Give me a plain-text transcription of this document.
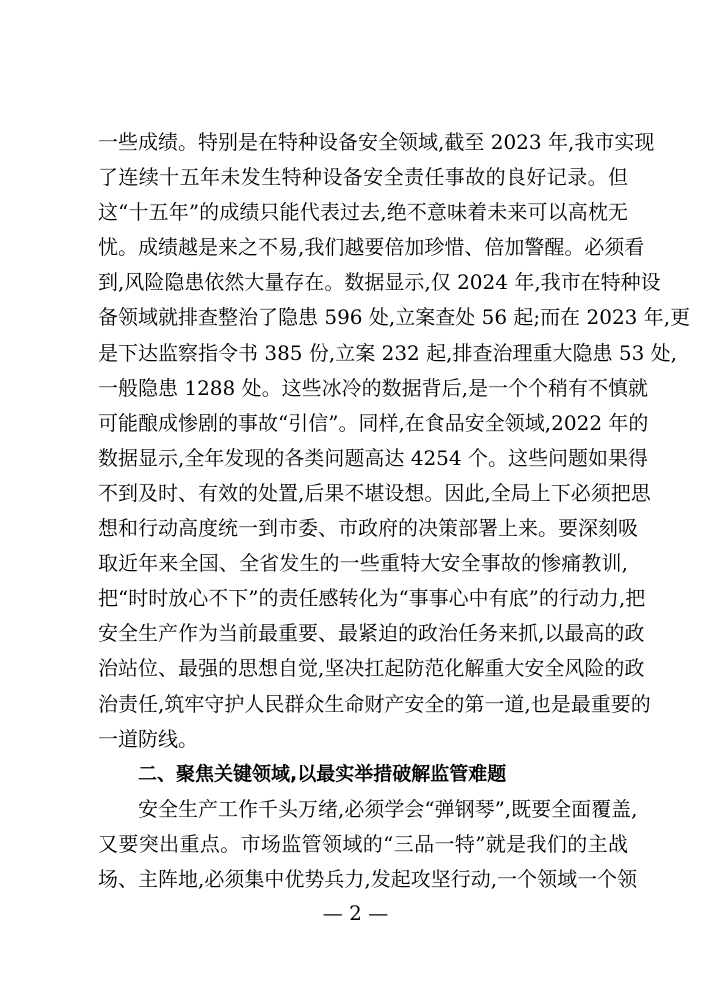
一些成绩。特别是在特种设备安全领域,截至 2023 年,我市实现
了连续十五年未发生特种设备安全责任事故的良好记录。但
这“十五年”的成绩只能代表过去,绝不意味着未来可以高枕无
忧。成绩越是来之不易,我们越要倍加珍惜、倍加警醒。必须看
到,风险隐患依然大量存在。数据显示,仅 2024 年,我市在特种设
备领域就排查整治了隐患 596 处,立案查处 56 起;而在 2023 年,更
是下达监察指令书 385 份,立案 232 起,排查治理重大隐患 53 处,
一般隐患 1288 处。这些冰冷的数据背后,是一个个稍有不慎就
可能酿成惨剧的事故“引信”。同样,在食品安全领域,2022 年的
数据显示,全年发现的各类问题高达 4254 个。这些问题如果得
不到及时、有效的处置,后果不堪设想。因此,全局上下必须把思
想和行动高度统一到市委、市政府的决策部署上来。要深刻吸
取近年来全国、全省发生的一些重特大安全事故的惨痛教训,
把“时时放心不下”的责任感转化为“事事心中有底”的行动力,把
安全生产作为当前最重要、最紧迫的政治任务来抓,以最高的政
治站位、最强的思想自觉,坚决扛起防范化解重大安全风险的政
治责任,筑牢守护人民群众生命财产安全的第一道,也是最重要的
一道防线。
二、聚焦关键领域,以最实举措破解监管难题
安全生产工作千头万绪,必须学会“弹钢琴”,既要全面覆盖,
又要突出重点。市场监管领域的“三品一特”就是我们的主战
场、主阵地,必须集中优势兵力,发起攻坚行动,一个领域一个领
— 2 —
